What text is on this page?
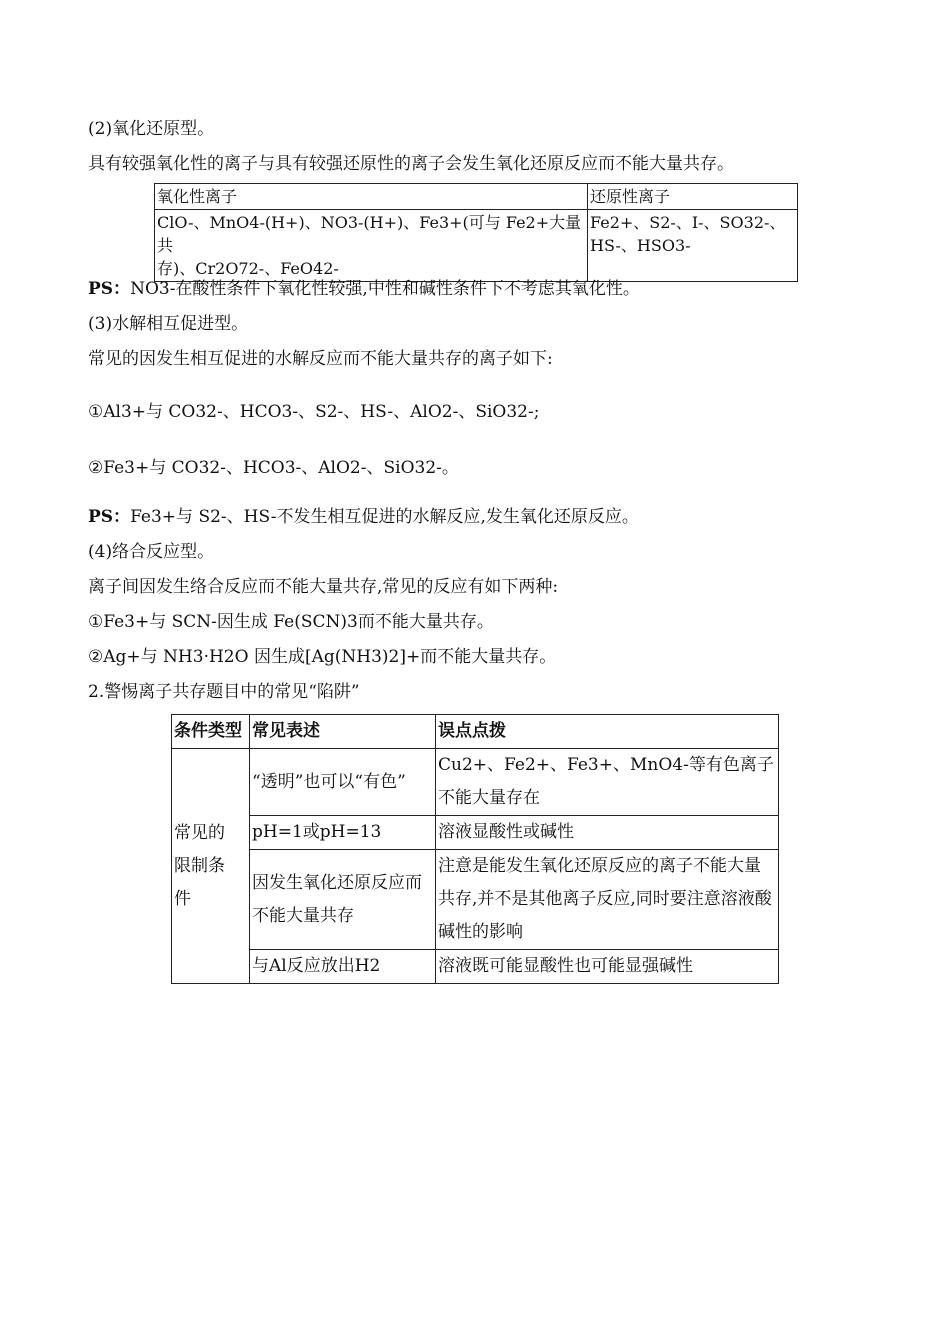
(2)氧化还原型。
具有较强氧化性的离子与具有较强还原性的离子会发生氧化还原反应而不能大量共存。
氧化性离子	还原性离子
ClO-、MnO4-(H+)、NO3-(H+)、Fe3+(可与 Fe2+大量共
存)、Cr2O72-、FeO42-	Fe2+、S2-、I-、SO32-、
HS-、HSO3-
PS：NO3-在酸性条件下氧化性较强,中性和碱性条件下不考虑其氧化性。
(3)水解相互促进型。
常见的因发生相互促进的水解反应而不能大量共存的离子如下:
①Al3+与 CO32-、HCO3-、S2-、HS-、AlO2-、SiO32-;
②Fe3+与 CO32-、HCO3-、AlO2-、SiO32-。
PS：Fe3+与 S2-、HS-不发生相互促进的水解反应,发生氧化还原反应。
(4)络合反应型。
离子间因发生络合反应而不能大量共存,常见的反应有如下两种:
①Fe3+与 SCN-因生成 Fe(SCN)3而不能大量共存。
②Ag+与 NH3·H2O 因生成[Ag(NH3)2]+而不能大量共存。
2.警惕离子共存题目中的常见“陷阱”
条件类型	常见表述	误点点拨

常见的限制条件	“透明”也可以“有色”	Cu2+、Fe2+、Fe3+、MnO4-等有色离子不能大量存在
	pH=1或pH=13	溶液显酸性或碱性
	因发生氧化还原反应而不能大量共存	注意是能发生氧化还原反应的离子不能大量共存,并不是其他离子反应,同时要注意溶液酸碱性的影响
	与Al反应放出H2	溶液既可能显酸性也可能显强碱性
